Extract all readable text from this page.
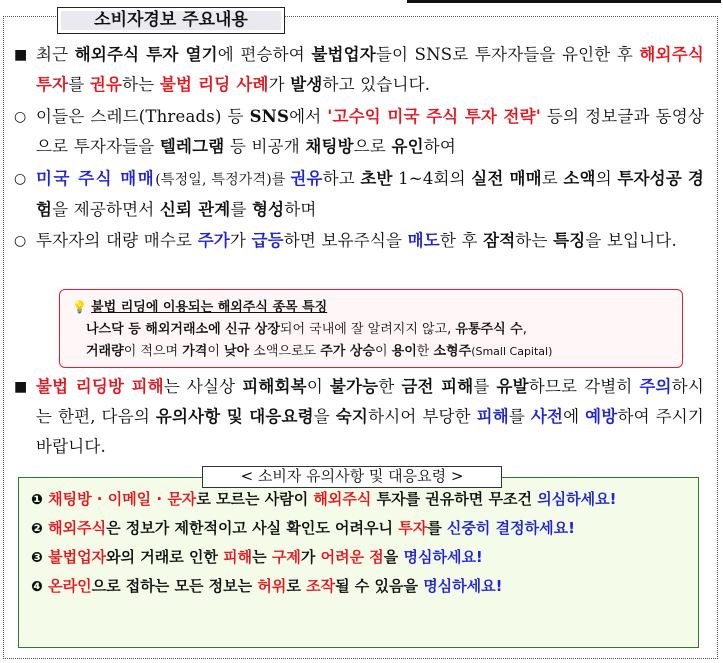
소비자경보 주요내용
■ 최근 해외주식 투자 열기에 편승하여 불법업자들이 SNS로 투자자들을 유인한 후 해외주식 투자를 권유하는 불법 리딩 사례가 발생하고 있습니다.
○ 이들은 스레드(Threads) 등 SNS에서 '고수익 미국 주식 투자 전략' 등의 정보글과 동영상으로 투자자들을 텔레그램 등 비공개 채팅방으로 유인하여
○ 미국 주식 매매(특정일, 특정가격)를 권유하고 초반 1~4회의 실전 매매로 소액의 투자성공 경험을 제공하면서 신뢰 관계를 형성하며
○ 투자자의 대량 매수로 주가가 급등하면 보유주식을 매도한 후 잠적하는 특징을 보입니다.
💡 불법 리딩에 이용되는 해외주식 종목 특징
나스닥 등 해외거래소에 신규 상장되어 국내에 잘 알려지지 않고, 유통주식 수,
거래량이 적으며 가격이 낮아 소액으로도 주가 상승이 용이한 소형주(Small Capital)
■ 불법 리딩방 피해는 사실상 피해회복이 불가능한 금전 피해를 유발하므로 각별히 주의하시는 한편, 다음의 유의사항 및 대응요령을 숙지하시어 부당한 피해를 사전에 예방하여 주시기 바랍니다.
❶ 채팅방 · 이메일 · 문자로 모르는 사람이 해외주식 투자를 권유하면 무조건 의심하세요!
❷ 해외주식은 정보가 제한적이고 사실 확인도 어려우니 투자를 신중히 결정하세요!
❸ 불법업자와의 거래로 인한 피해는 구제가 어려운 점을 명심하세요!
❹ 온라인으로 접하는 모든 정보는 허위로 조작될 수 있음을 명심하세요!
< 소비자 유의사항 및 대응요령 >
